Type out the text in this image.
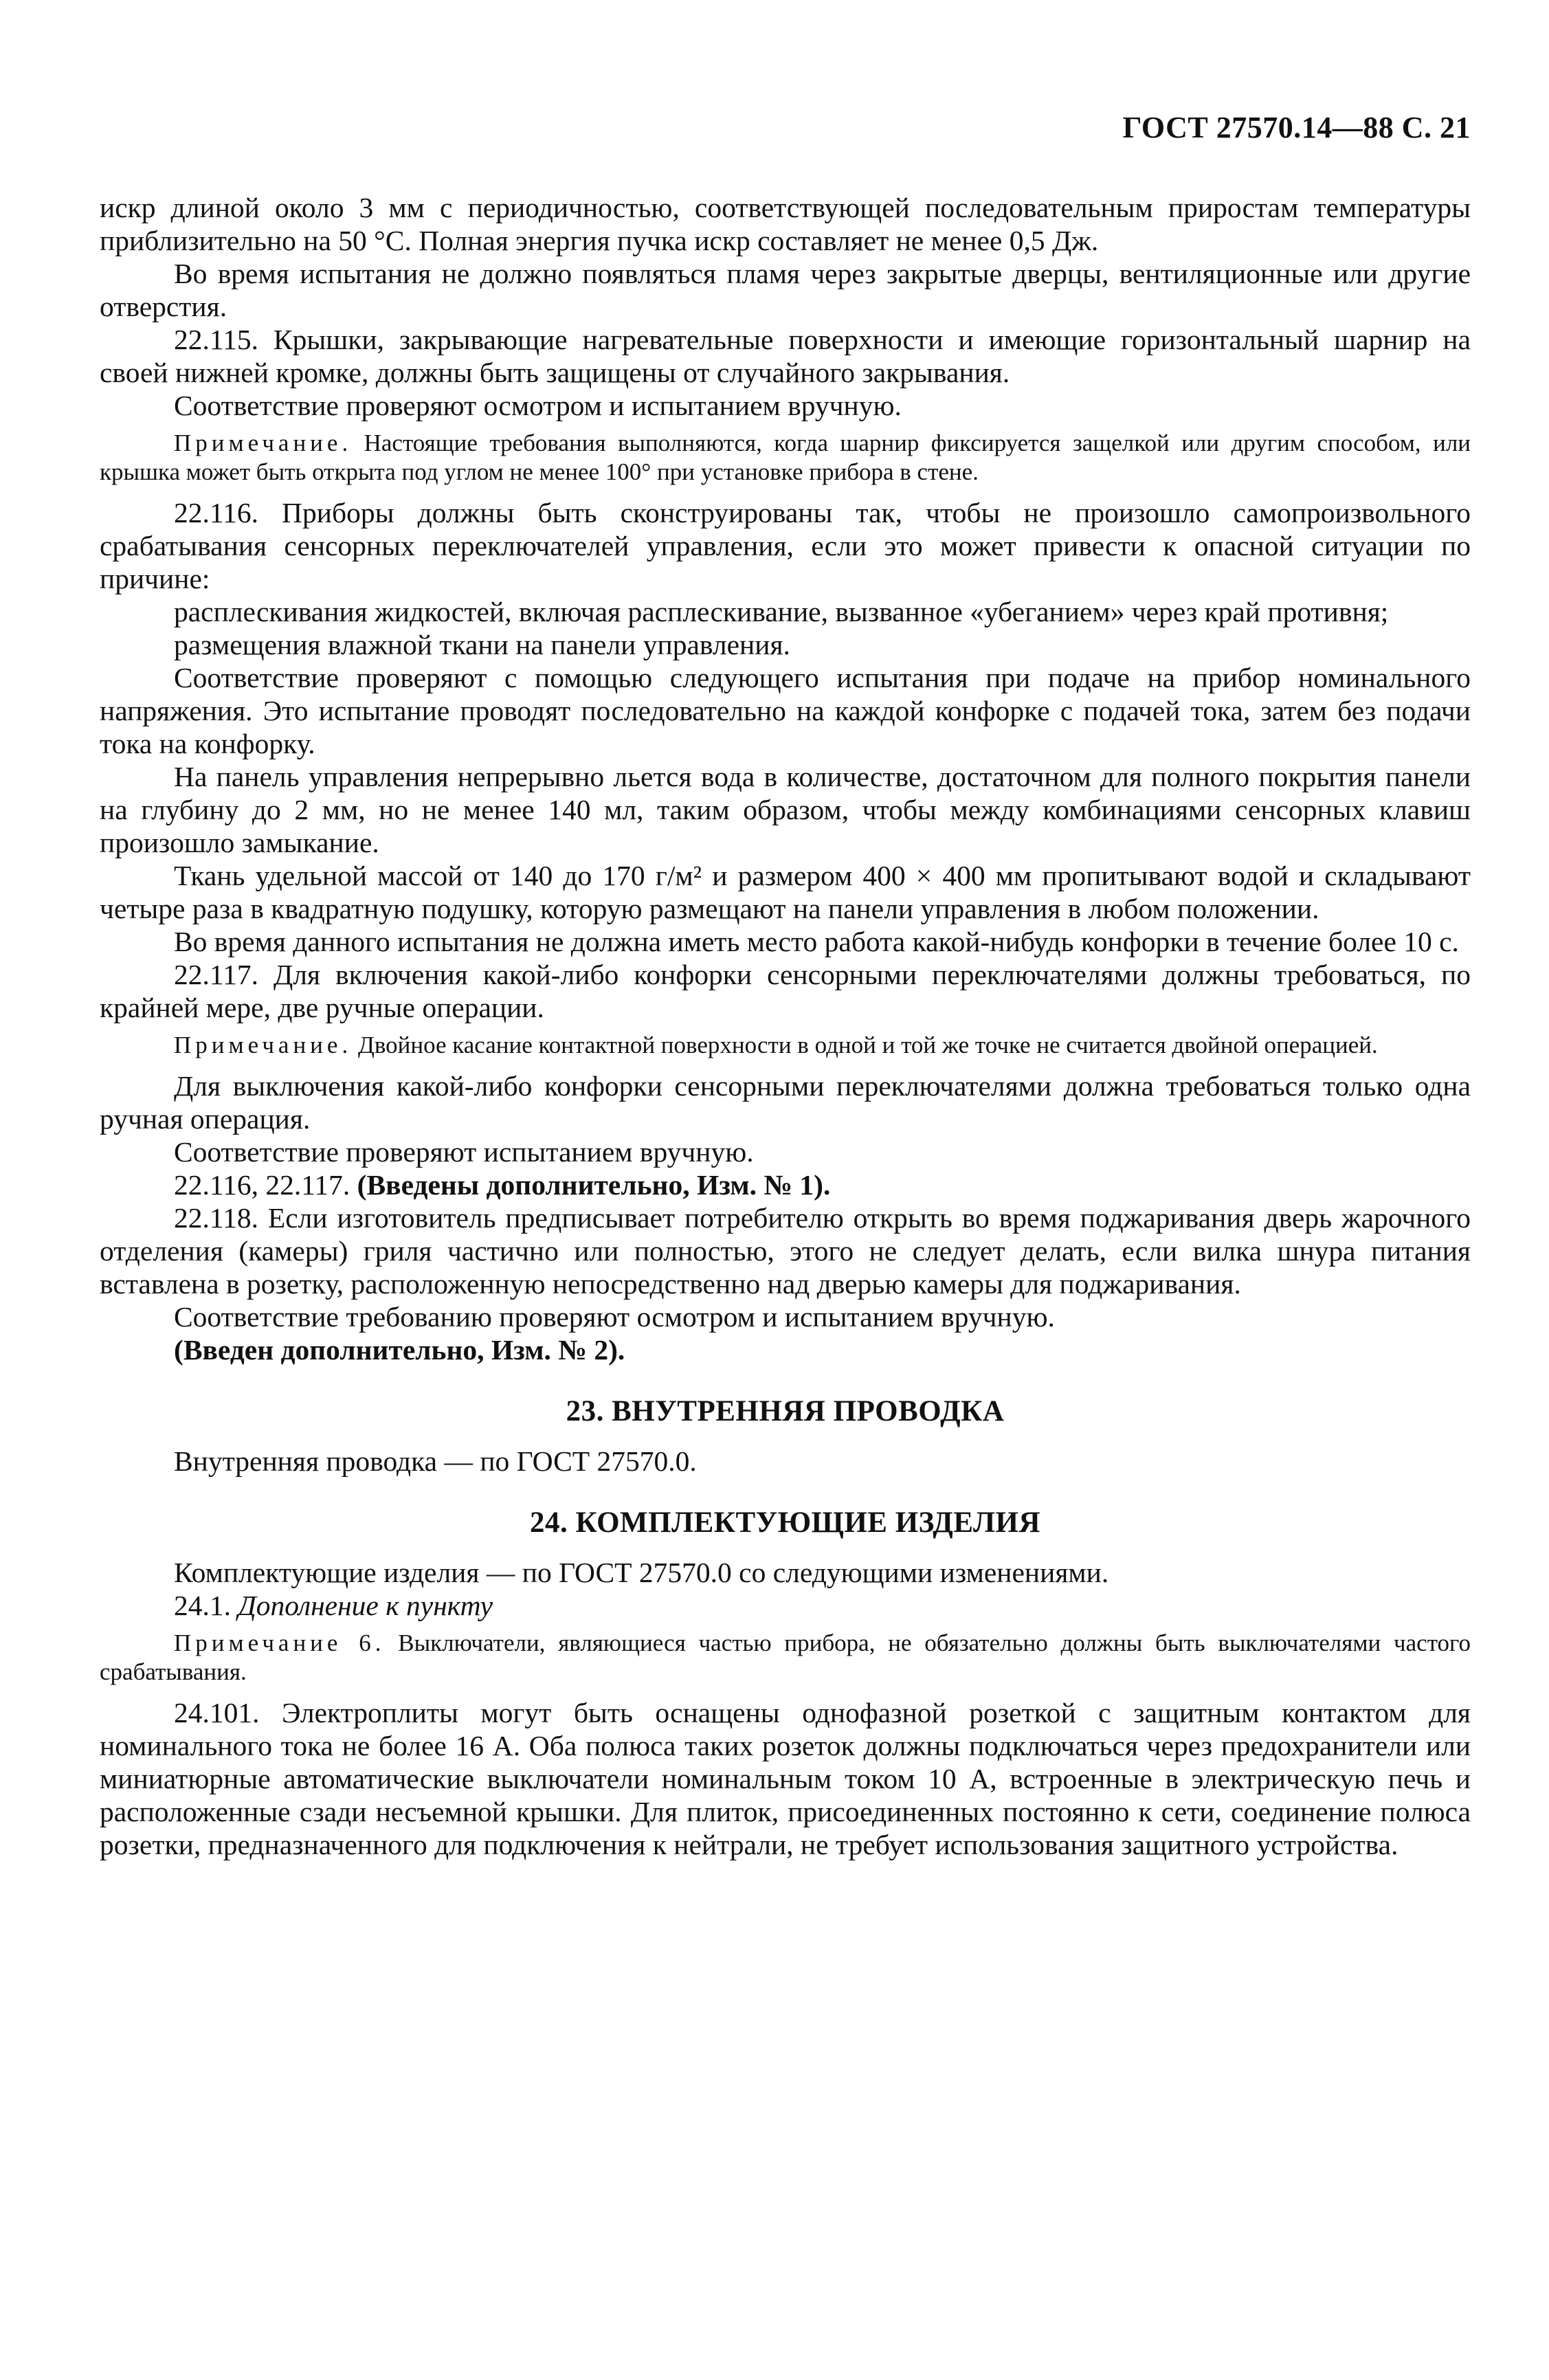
ГОСТ 27570.14—88 С. 21

искр длиной около 3 мм с периодичностью, соответствующей последовательным приростам температуры приблизительно на 50 °С. Полная энергия пучка искр составляет не менее 0,5 Дж.

Во время испытания не должно появляться пламя через закрытые дверцы, вентиляционные или другие отверстия.

22.115. Крышки, закрывающие нагревательные поверхности и имеющие горизонтальный шарнир на своей нижней кромке, должны быть защищены от случайного закрывания.

Соответствие проверяют осмотром и испытанием вручную.

Примечание. Настоящие требования выполняются, когда шарнир фиксируется защелкой или другим способом, или крышка может быть открыта под углом не менее 100° при установке прибора в стене.

22.116. Приборы должны быть сконструированы так, чтобы не произошло самопроизвольного срабатывания сенсорных переключателей управления, если это может привести к опасной ситуации по причине:

расплескивания жидкостей, включая расплескивание, вызванное «убеганием» через край противня;

размещения влажной ткани на панели управления.

Соответствие проверяют с помощью следующего испытания при подаче на прибор номинального напряжения. Это испытание проводят последовательно на каждой конфорке с подачей тока, затем без подачи тока на конфорку.

На панель управления непрерывно льется вода в количестве, достаточном для полного покрытия панели на глубину до 2 мм, но не менее 140 мл, таким образом, чтобы между комбинациями сенсорных клавиш произошло замыкание.

Ткань удельной массой от 140 до 170 г/м² и размером 400 × 400 мм пропитывают водой и складывают четыре раза в квадратную подушку, которую размещают на панели управления в любом положении.

Во время данного испытания не должна иметь место работа какой-нибудь конфорки в течение более 10 с.

22.117. Для включения какой-либо конфорки сенсорными переключателями должны требоваться, по крайней мере, две ручные операции.

Примечание. Двойное касание контактной поверхности в одной и той же точке не считается двойной операцией.

Для выключения какой-либо конфорки сенсорными переключателями должна требоваться только одна ручная операция.

Соответствие проверяют испытанием вручную.

22.116, 22.117. (Введены дополнительно, Изм. № 1).

22.118. Если изготовитель предписывает потребителю открыть во время поджаривания дверь жарочного отделения (камеры) гриля частично или полностью, этого не следует делать, если вилка шнура питания вставлена в розетку, расположенную непосредственно над дверью камеры для поджаривания.

Соответствие требованию проверяют осмотром и испытанием вручную.

(Введен дополнительно, Изм. № 2).

23. ВНУТРЕННЯЯ ПРОВОДКА

Внутренняя проводка — по ГОСТ 27570.0.

24. КОМПЛЕКТУЮЩИЕ ИЗДЕЛИЯ

Комплектующие изделия — по ГОСТ 27570.0 со следующими изменениями.

24.1. Дополнение к пункту

Примечание 6. Выключатели, являющиеся частью прибора, не обязательно должны быть выключателями частого срабатывания.

24.101. Электроплиты могут быть оснащены однофазной розеткой с защитным контактом для номинального тока не более 16 А. Оба полюса таких розеток должны подключаться через предохранители или миниатюрные автоматические выключатели номинальным током 10 А, встроенные в электрическую печь и расположенные сзади несъемной крышки. Для плиток, присоединенных постоянно к сети, соединение полюса розетки, предназначенного для подключения к нейтрали, не требует использования защитного устройства.
